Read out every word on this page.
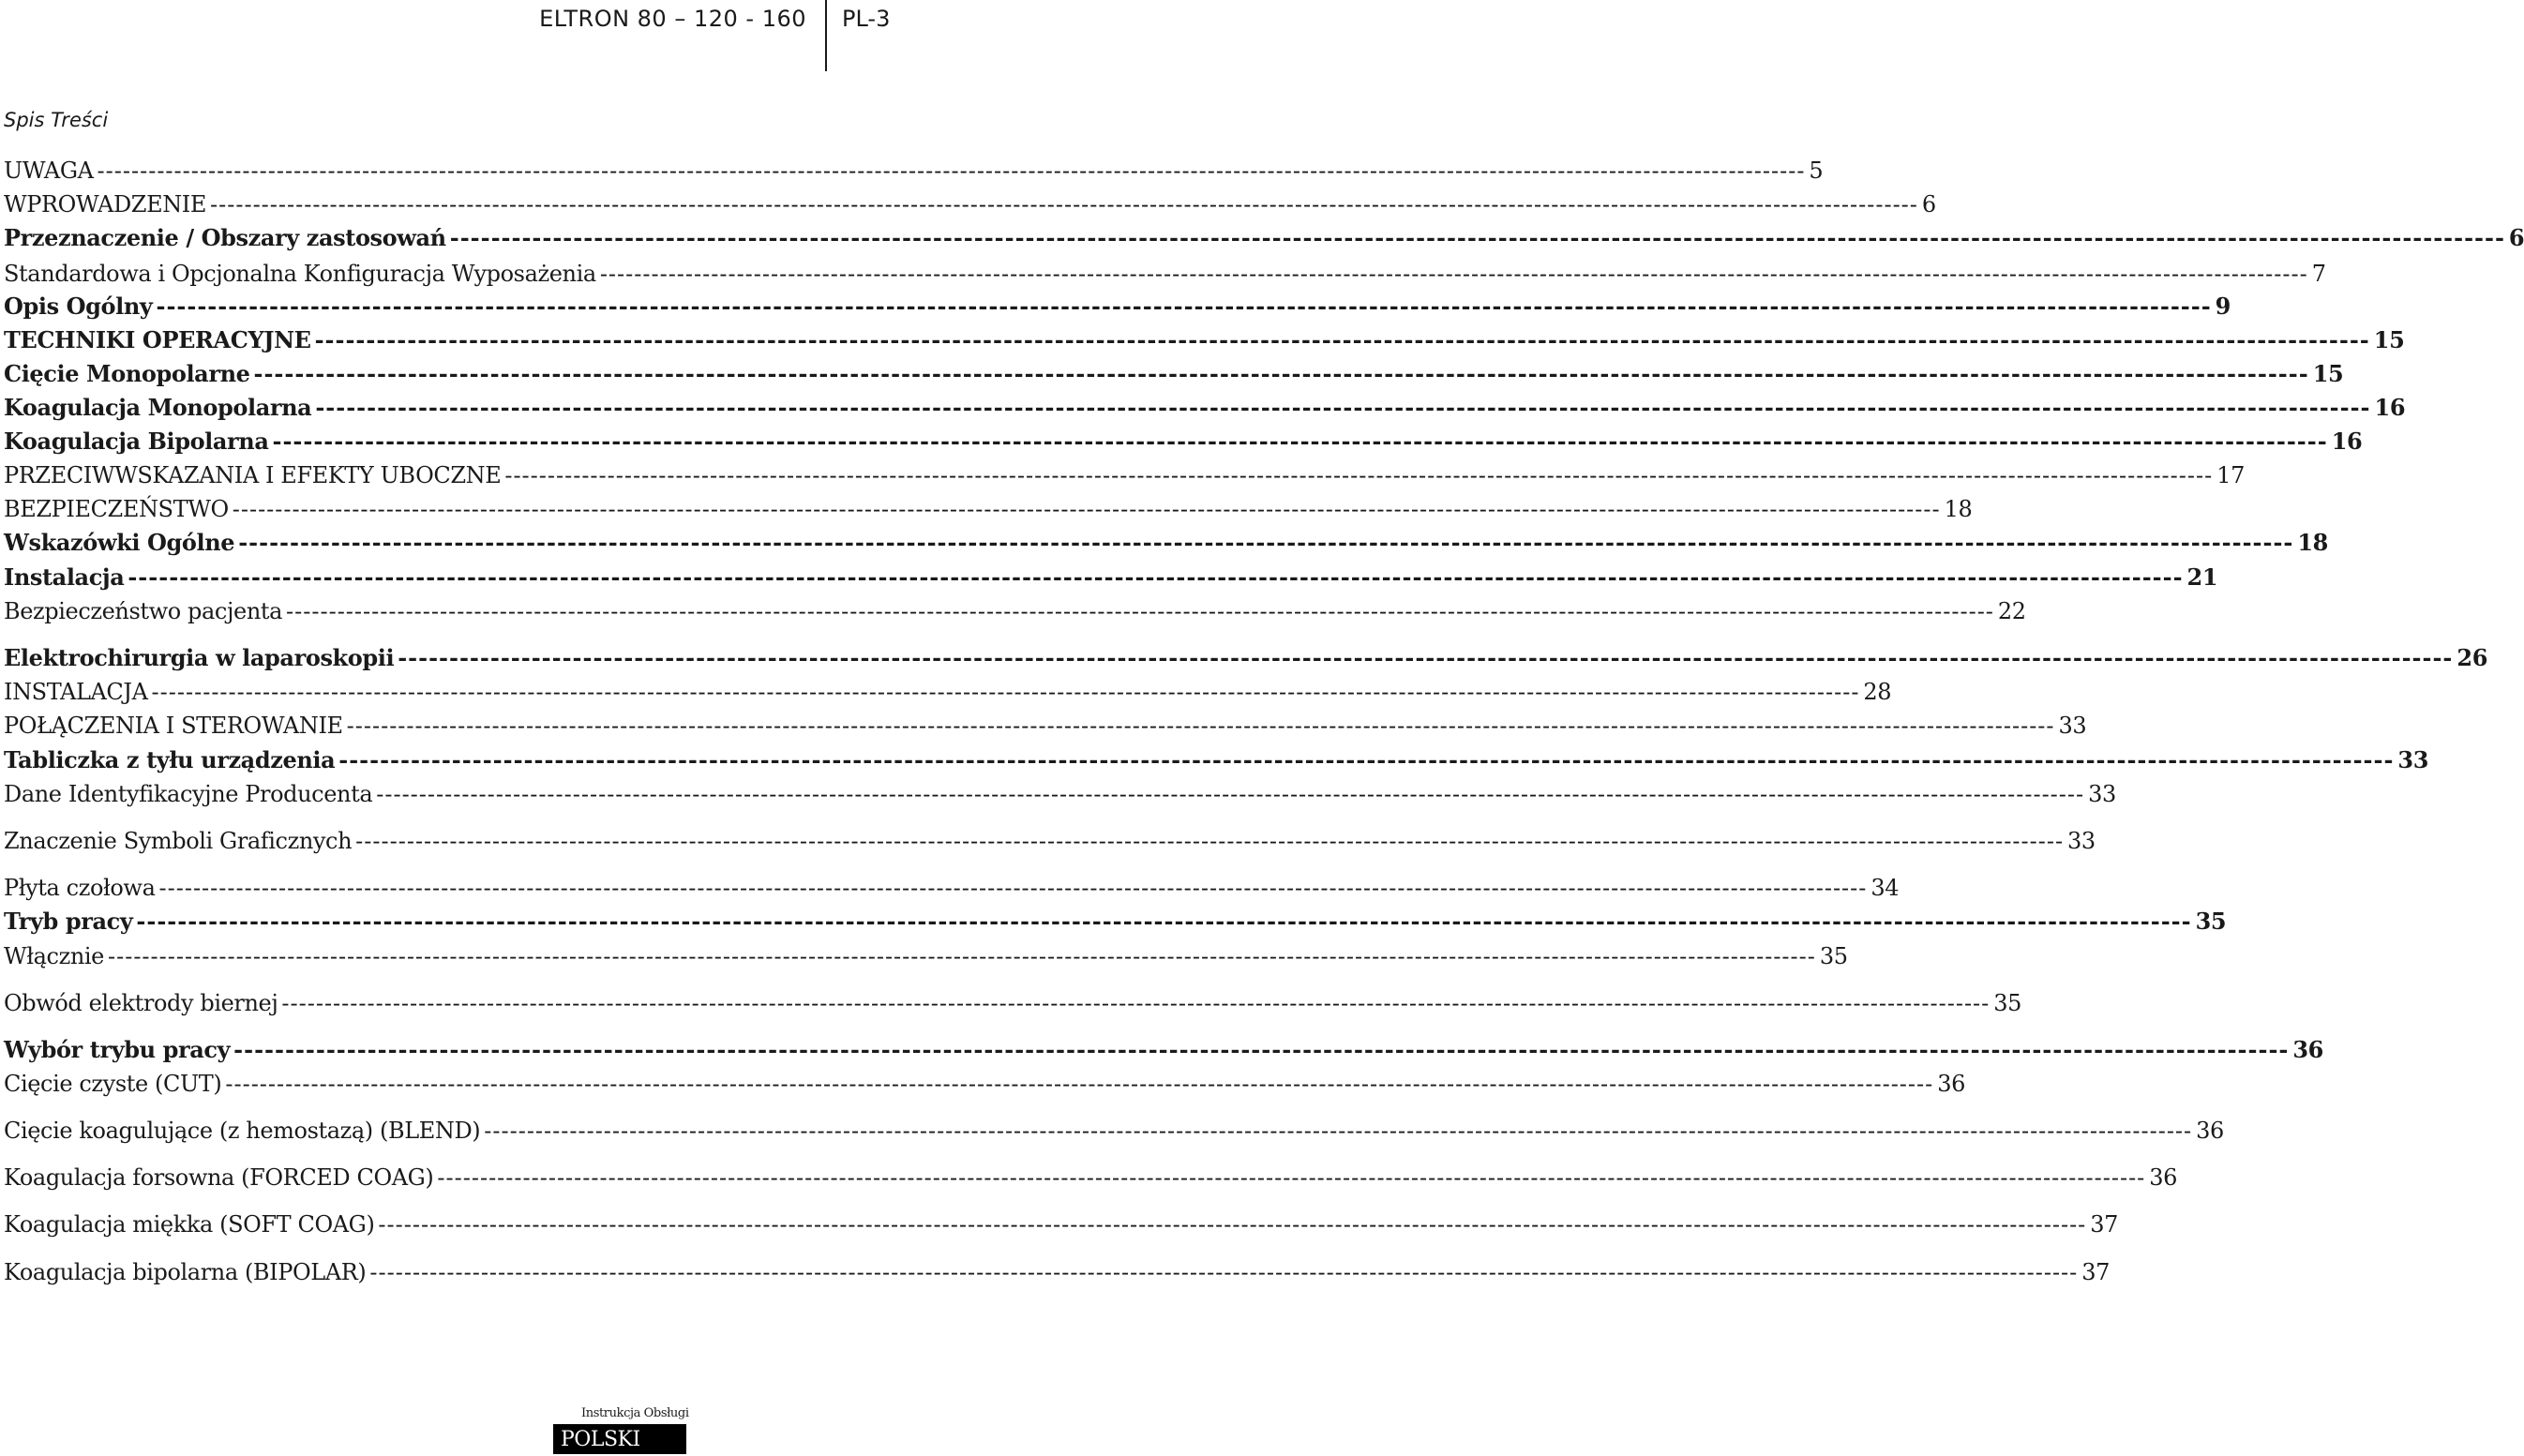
ELTRON 80 – 120 - 160 PL-3
Spis Treści
UWAGA -------------------------------------------------------------------------------------------------------------------------------------------------------------------------------------------------------- 5
WPROWADZENIE -------------------------------------------------------------------------------------------------------------------------------------------------------------------------------------------------------- 6
Przeznaczenie / Obszary zastosowań -------------------------------------------------------------------------------------------------------------------------------------------------------------------------------------------------------- 6
Standardowa i Opcjonalna Konfiguracja Wyposażenia -------------------------------------------------------------------------------------------------------------------------------------------------------------------------------------------------------- 7
Opis Ogólny -------------------------------------------------------------------------------------------------------------------------------------------------------------------------------------------------------- 9
TECHNIKI OPERACYJNE -------------------------------------------------------------------------------------------------------------------------------------------------------------------------------------------------------- 15
Cięcie Monopolarne -------------------------------------------------------------------------------------------------------------------------------------------------------------------------------------------------------- 15
Koagulacja Monopolarna -------------------------------------------------------------------------------------------------------------------------------------------------------------------------------------------------------- 16
Koagulacja Bipolarna -------------------------------------------------------------------------------------------------------------------------------------------------------------------------------------------------------- 16
PRZECIWWSKAZANIA I EFEKTY UBOCZNE -------------------------------------------------------------------------------------------------------------------------------------------------------------------------------------------------------- 17
BEZPIECZEŃSTWO -------------------------------------------------------------------------------------------------------------------------------------------------------------------------------------------------------- 18
Wskazówki Ogólne -------------------------------------------------------------------------------------------------------------------------------------------------------------------------------------------------------- 18
Instalacja -------------------------------------------------------------------------------------------------------------------------------------------------------------------------------------------------------- 21
Bezpieczeństwo pacjenta -------------------------------------------------------------------------------------------------------------------------------------------------------------------------------------------------------- 22
Elektrochirurgia w laparoskopii -------------------------------------------------------------------------------------------------------------------------------------------------------------------------------------------------------- 26
INSTALACJA -------------------------------------------------------------------------------------------------------------------------------------------------------------------------------------------------------- 28
POŁĄCZENIA I STEROWANIE -------------------------------------------------------------------------------------------------------------------------------------------------------------------------------------------------------- 33
Tabliczka z tyłu urządzenia -------------------------------------------------------------------------------------------------------------------------------------------------------------------------------------------------------- 33
Dane Identyfikacyjne Producenta -------------------------------------------------------------------------------------------------------------------------------------------------------------------------------------------------------- 33
Znaczenie Symboli Graficznych -------------------------------------------------------------------------------------------------------------------------------------------------------------------------------------------------------- 33
Płyta czołowa -------------------------------------------------------------------------------------------------------------------------------------------------------------------------------------------------------- 34
Tryb pracy -------------------------------------------------------------------------------------------------------------------------------------------------------------------------------------------------------- 35
Włącznie -------------------------------------------------------------------------------------------------------------------------------------------------------------------------------------------------------- 35
Obwód elektrody biernej -------------------------------------------------------------------------------------------------------------------------------------------------------------------------------------------------------- 35
Wybór trybu pracy -------------------------------------------------------------------------------------------------------------------------------------------------------------------------------------------------------- 36
Cięcie czyste (CUT) -------------------------------------------------------------------------------------------------------------------------------------------------------------------------------------------------------- 36
Cięcie koagulujące (z hemostazą) (BLEND) -------------------------------------------------------------------------------------------------------------------------------------------------------------------------------------------------------- 36
Koagulacja forsowna (FORCED COAG) -------------------------------------------------------------------------------------------------------------------------------------------------------------------------------------------------------- 36
Koagulacja miękka (SOFT COAG) -------------------------------------------------------------------------------------------------------------------------------------------------------------------------------------------------------- 37
Koagulacja bipolarna (BIPOLAR) -------------------------------------------------------------------------------------------------------------------------------------------------------------------------------------------------------- 37
Instrukcja Obsługi
POLSKI
